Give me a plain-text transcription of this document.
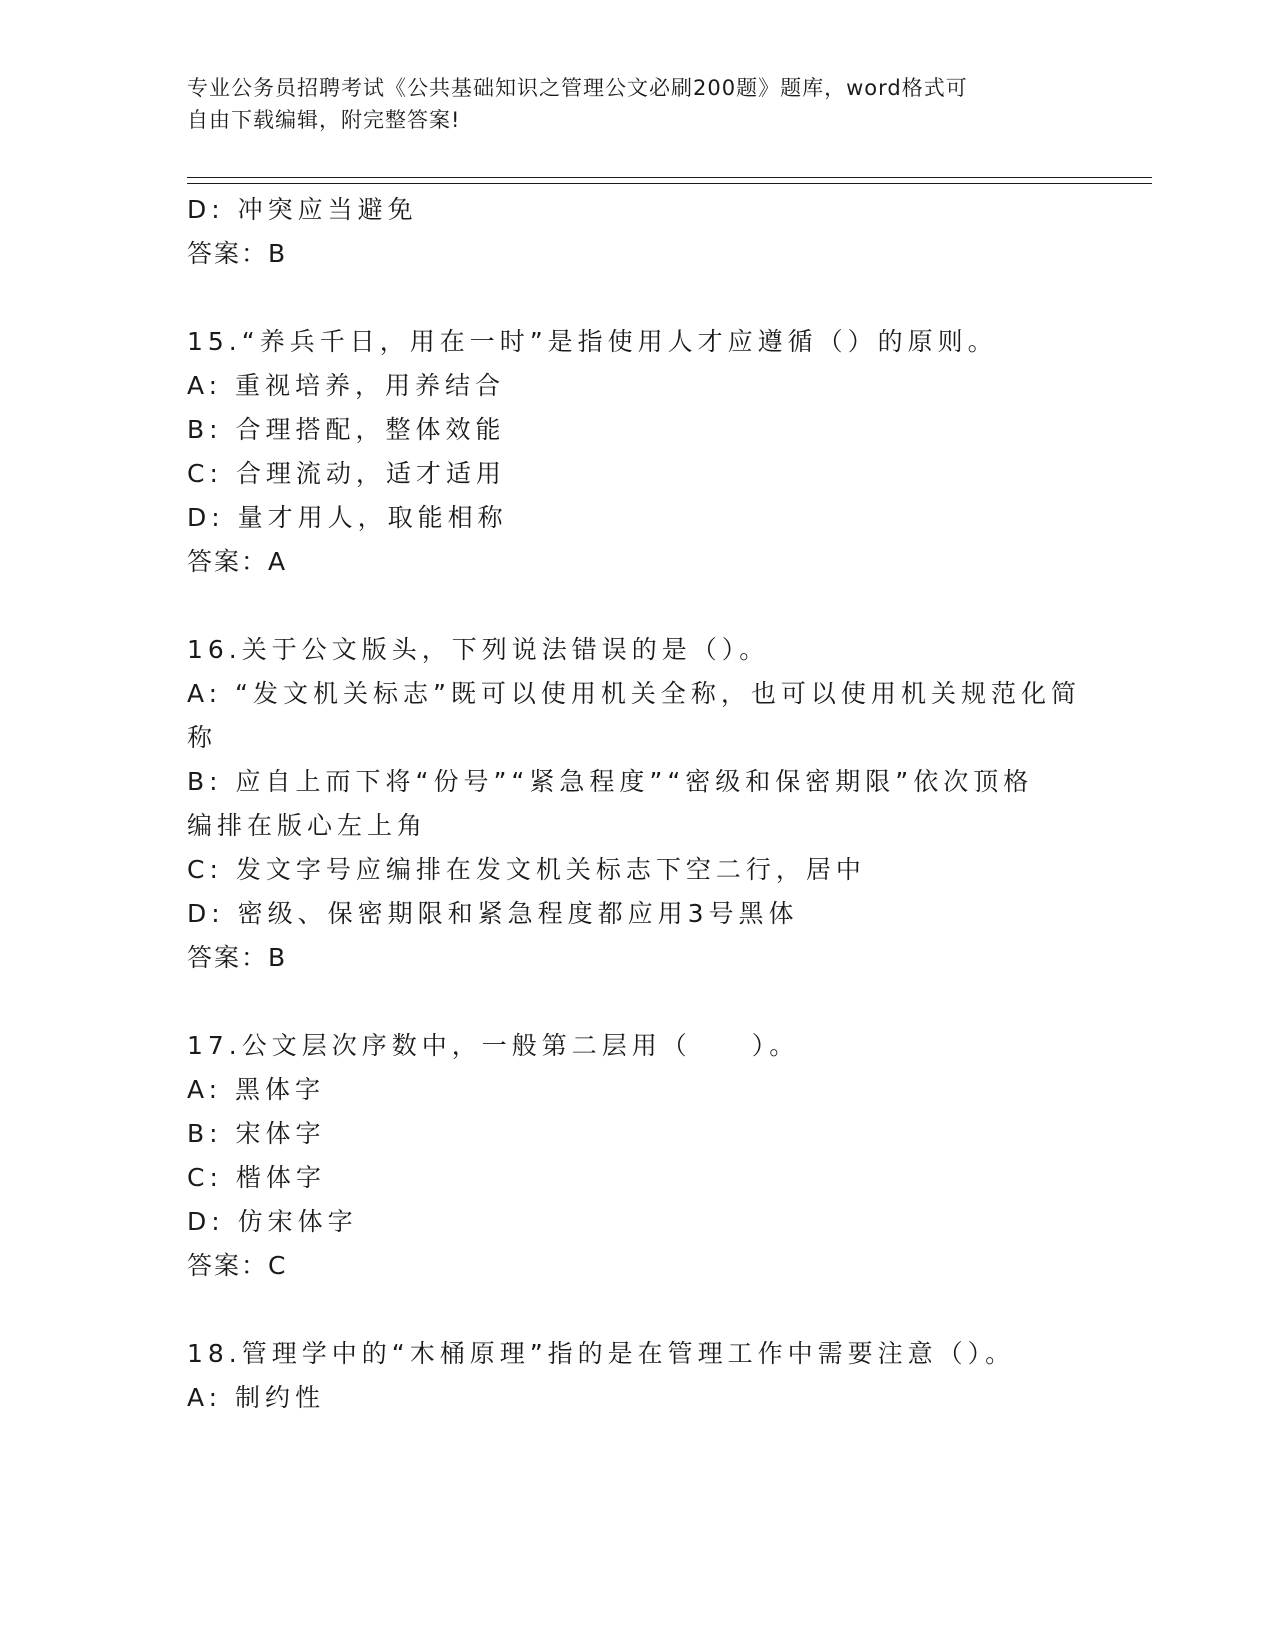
专业公务员招聘考试《公共基础知识之管理公文必刷200题》题库，word格式可
自由下载编辑，附完整答案!
D: 冲突应当避免
答案：B
15.“养兵千日，用在一时”是指使用人才应遵循（）的原则。
A: 重视培养，用养结合
B: 合理搭配，整体效能
C: 合理流动，适才适用
D: 量才用人，取能相称
答案：A
16.关于公文版头，下列说法错误的是（）。
A: “发文机关标志”既可以使用机关全称，也可以使用机关规范化简
称
B: 应自上而下将“份号”“紧急程度”“密级和保密期限”依次顶格
编排在版心左上角
C: 发文字号应编排在发文机关标志下空二行，居中
D: 密级、保密期限和紧急程度都应用3号黑体
答案：B
17.公文层次序数中，一般第二层用（　　）。
A: 黑体字
B: 宋体字
C: 楷体字
D: 仿宋体字
答案：C
18.管理学中的“木桶原理”指的是在管理工作中需要注意（）。
A: 制约性
